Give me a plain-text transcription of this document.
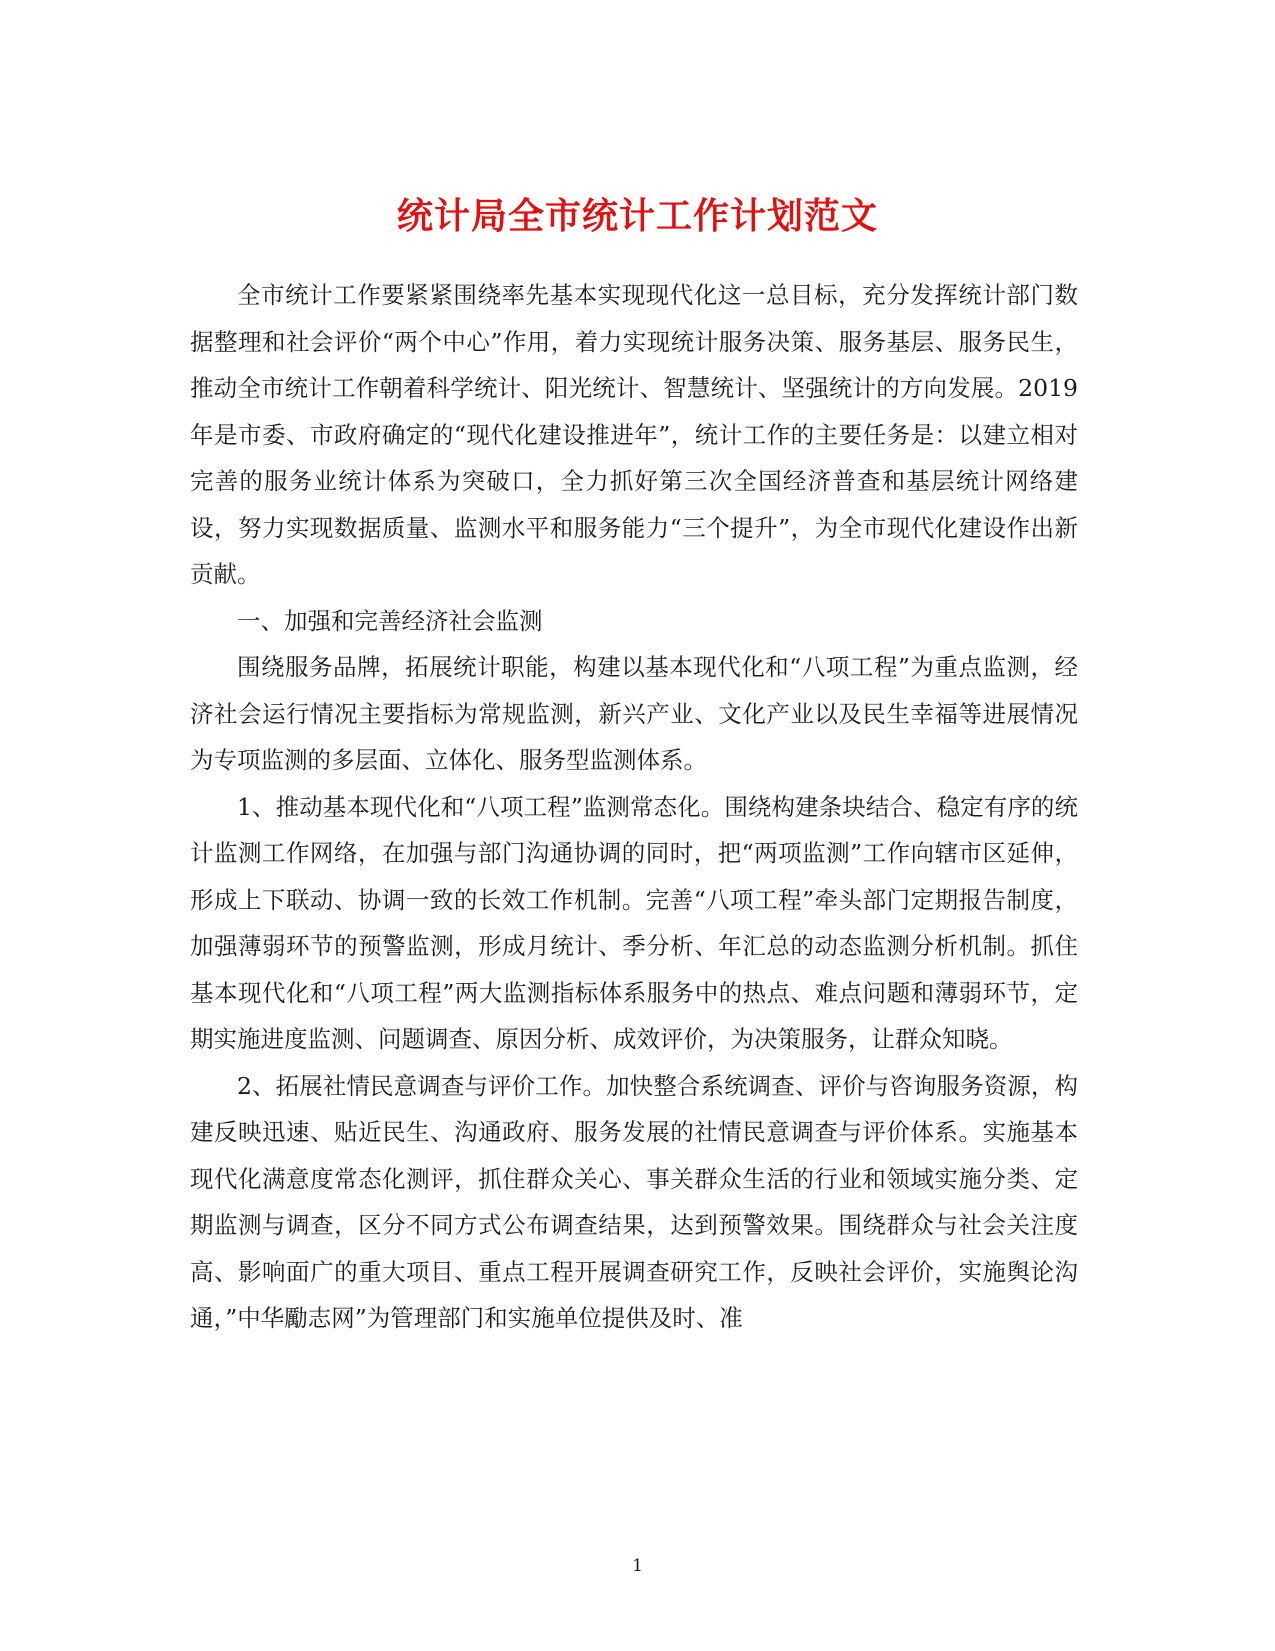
统计局全市统计工作计划范文

全市统计工作要紧紧围绕率先基本实现现代化这一总目标，充分发挥统计部门数据整理和社会评价“两个中心”作用，着力实现统计服务决策、服务基层、服务民生，推动全市统计工作朝着科学统计、阳光统计、智慧统计、坚强统计的方向发展。2019年是市委、市政府确定的“现代化建设推进年”，统计工作的主要任务是：以建立相对完善的服务业统计体系为突破口，全力抓好第三次全国经济普查和基层统计网络建设，努力实现数据质量、监测水平和服务能力“三个提升”，为全市现代化建设作出新贡献。

一、加强和完善经济社会监测

围绕服务品牌，拓展统计职能，构建以基本现代化和“八项工程”为重点监测，经济社会运行情况主要指标为常规监测，新兴产业、文化产业以及民生幸福等进展情况为专项监测的多层面、立体化、服务型监测体系。

1、推动基本现代化和“八项工程”监测常态化。围绕构建条块结合、稳定有序的统计监测工作网络，在加强与部门沟通协调的同时，把“两项监测”工作向辖市区延伸，形成上下联动、协调一致的长效工作机制。完善“八项工程”牵头部门定期报告制度，加强薄弱环节的预警监测，形成月统计、季分析、年汇总的动态监测分析机制。抓住基本现代化和“八项工程”两大监测指标体系服务中的热点、难点问题和薄弱环节，定期实施进度监测、问题调查、原因分析、成效评价，为决策服务，让群众知晓。

2、拓展社情民意调查与评价工作。加快整合系统调查、评价与咨询服务资源，构建反映迅速、贴近民生、沟通政府、服务发展的社情民意调查与评价体系。实施基本现代化满意度常态化测评，抓住群众关心、事关群众生活的行业和领域实施分类、定期监测与调查，区分不同方式公布调查结果，达到预警效果。围绕群众与社会关注度高、影响面广的重大项目、重点工程开展调查研究工作，反映社会评价，实施舆论沟通，”中华勵志网”为管理部门和实施单位提供及时、准

1
